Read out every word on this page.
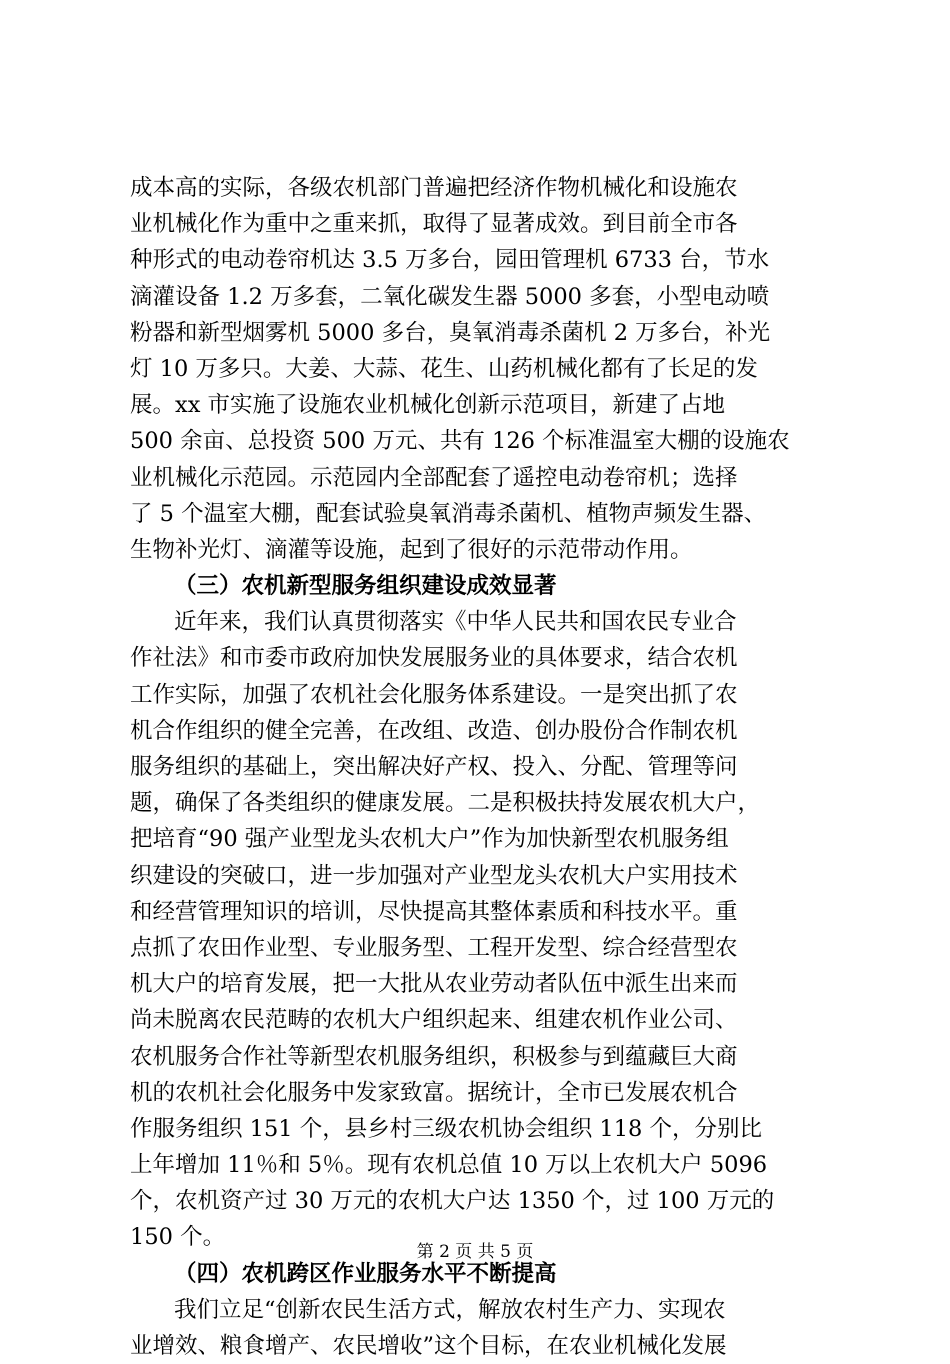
成本高的实际，各级农机部门普遍把经济作物机械化和设施农
业机械化作为重中之重来抓，取得了显著成效。到目前全市各
种形式的电动卷帘机达 3.5 万多台，园田管理机 6733 台，节水
滴灌设备 1.2 万多套，二氧化碳发生器 5000 多套，小型电动喷
粉器和新型烟雾机 5000 多台，臭氧消毒杀菌机 2 万多台，补光
灯 10 万多只。大姜、大蒜、花生、山药机械化都有了长足的发
展。xx 市实施了设施农业机械化创新示范项目，新建了占地
500 余亩、总投资 500 万元、共有 126 个标准温室大棚的设施农
业机械化示范园。示范园内全部配套了遥控电动卷帘机；选择
了 5 个温室大棚，配套试验臭氧消毒杀菌机、植物声频发生器、
生物补光灯、滴灌等设施，起到了很好的示范带动作用。
（三）农机新型服务组织建设成效显著
近年来，我们认真贯彻落实《中华人民共和国农民专业合
作社法》和市委市政府加快发展服务业的具体要求，结合农机
工作实际，加强了农机社会化服务体系建设。一是突出抓了农
机合作组织的健全完善，在改组、改造、创办股份合作制农机
服务组织的基础上，突出解决好产权、投入、分配、管理等问
题，确保了各类组织的健康发展。二是积极扶持发展农机大户，
把培育“90 强产业型龙头农机大户”作为加快新型农机服务组
织建设的突破口，进一步加强对产业型龙头农机大户实用技术
和经营管理知识的培训，尽快提高其整体素质和科技水平。重
点抓了农田作业型、专业服务型、工程开发型、综合经营型农
机大户的培育发展，把一大批从农业劳动者队伍中派生出来而
尚未脱离农民范畴的农机大户组织起来、组建农机作业公司、
农机服务合作社等新型农机服务组织，积极参与到蕴藏巨大商
机的农机社会化服务中发家致富。据统计，全市已发展农机合
作服务组织 151 个，县乡村三级农机协会组织 118 个，分别比
上年增加 11％和 5％。现有农机总值 10 万以上农机大户 5096
个，农机资产过 30 万元的农机大户达 1350 个，过 100 万元的
150 个。
（四）农机跨区作业服务水平不断提高
我们立足“创新农民生活方式，解放农村生产力、实现农
业增效、粮食增产、农民增收”这个目标，在农业机械化发展
第 2 页 共 5 页
